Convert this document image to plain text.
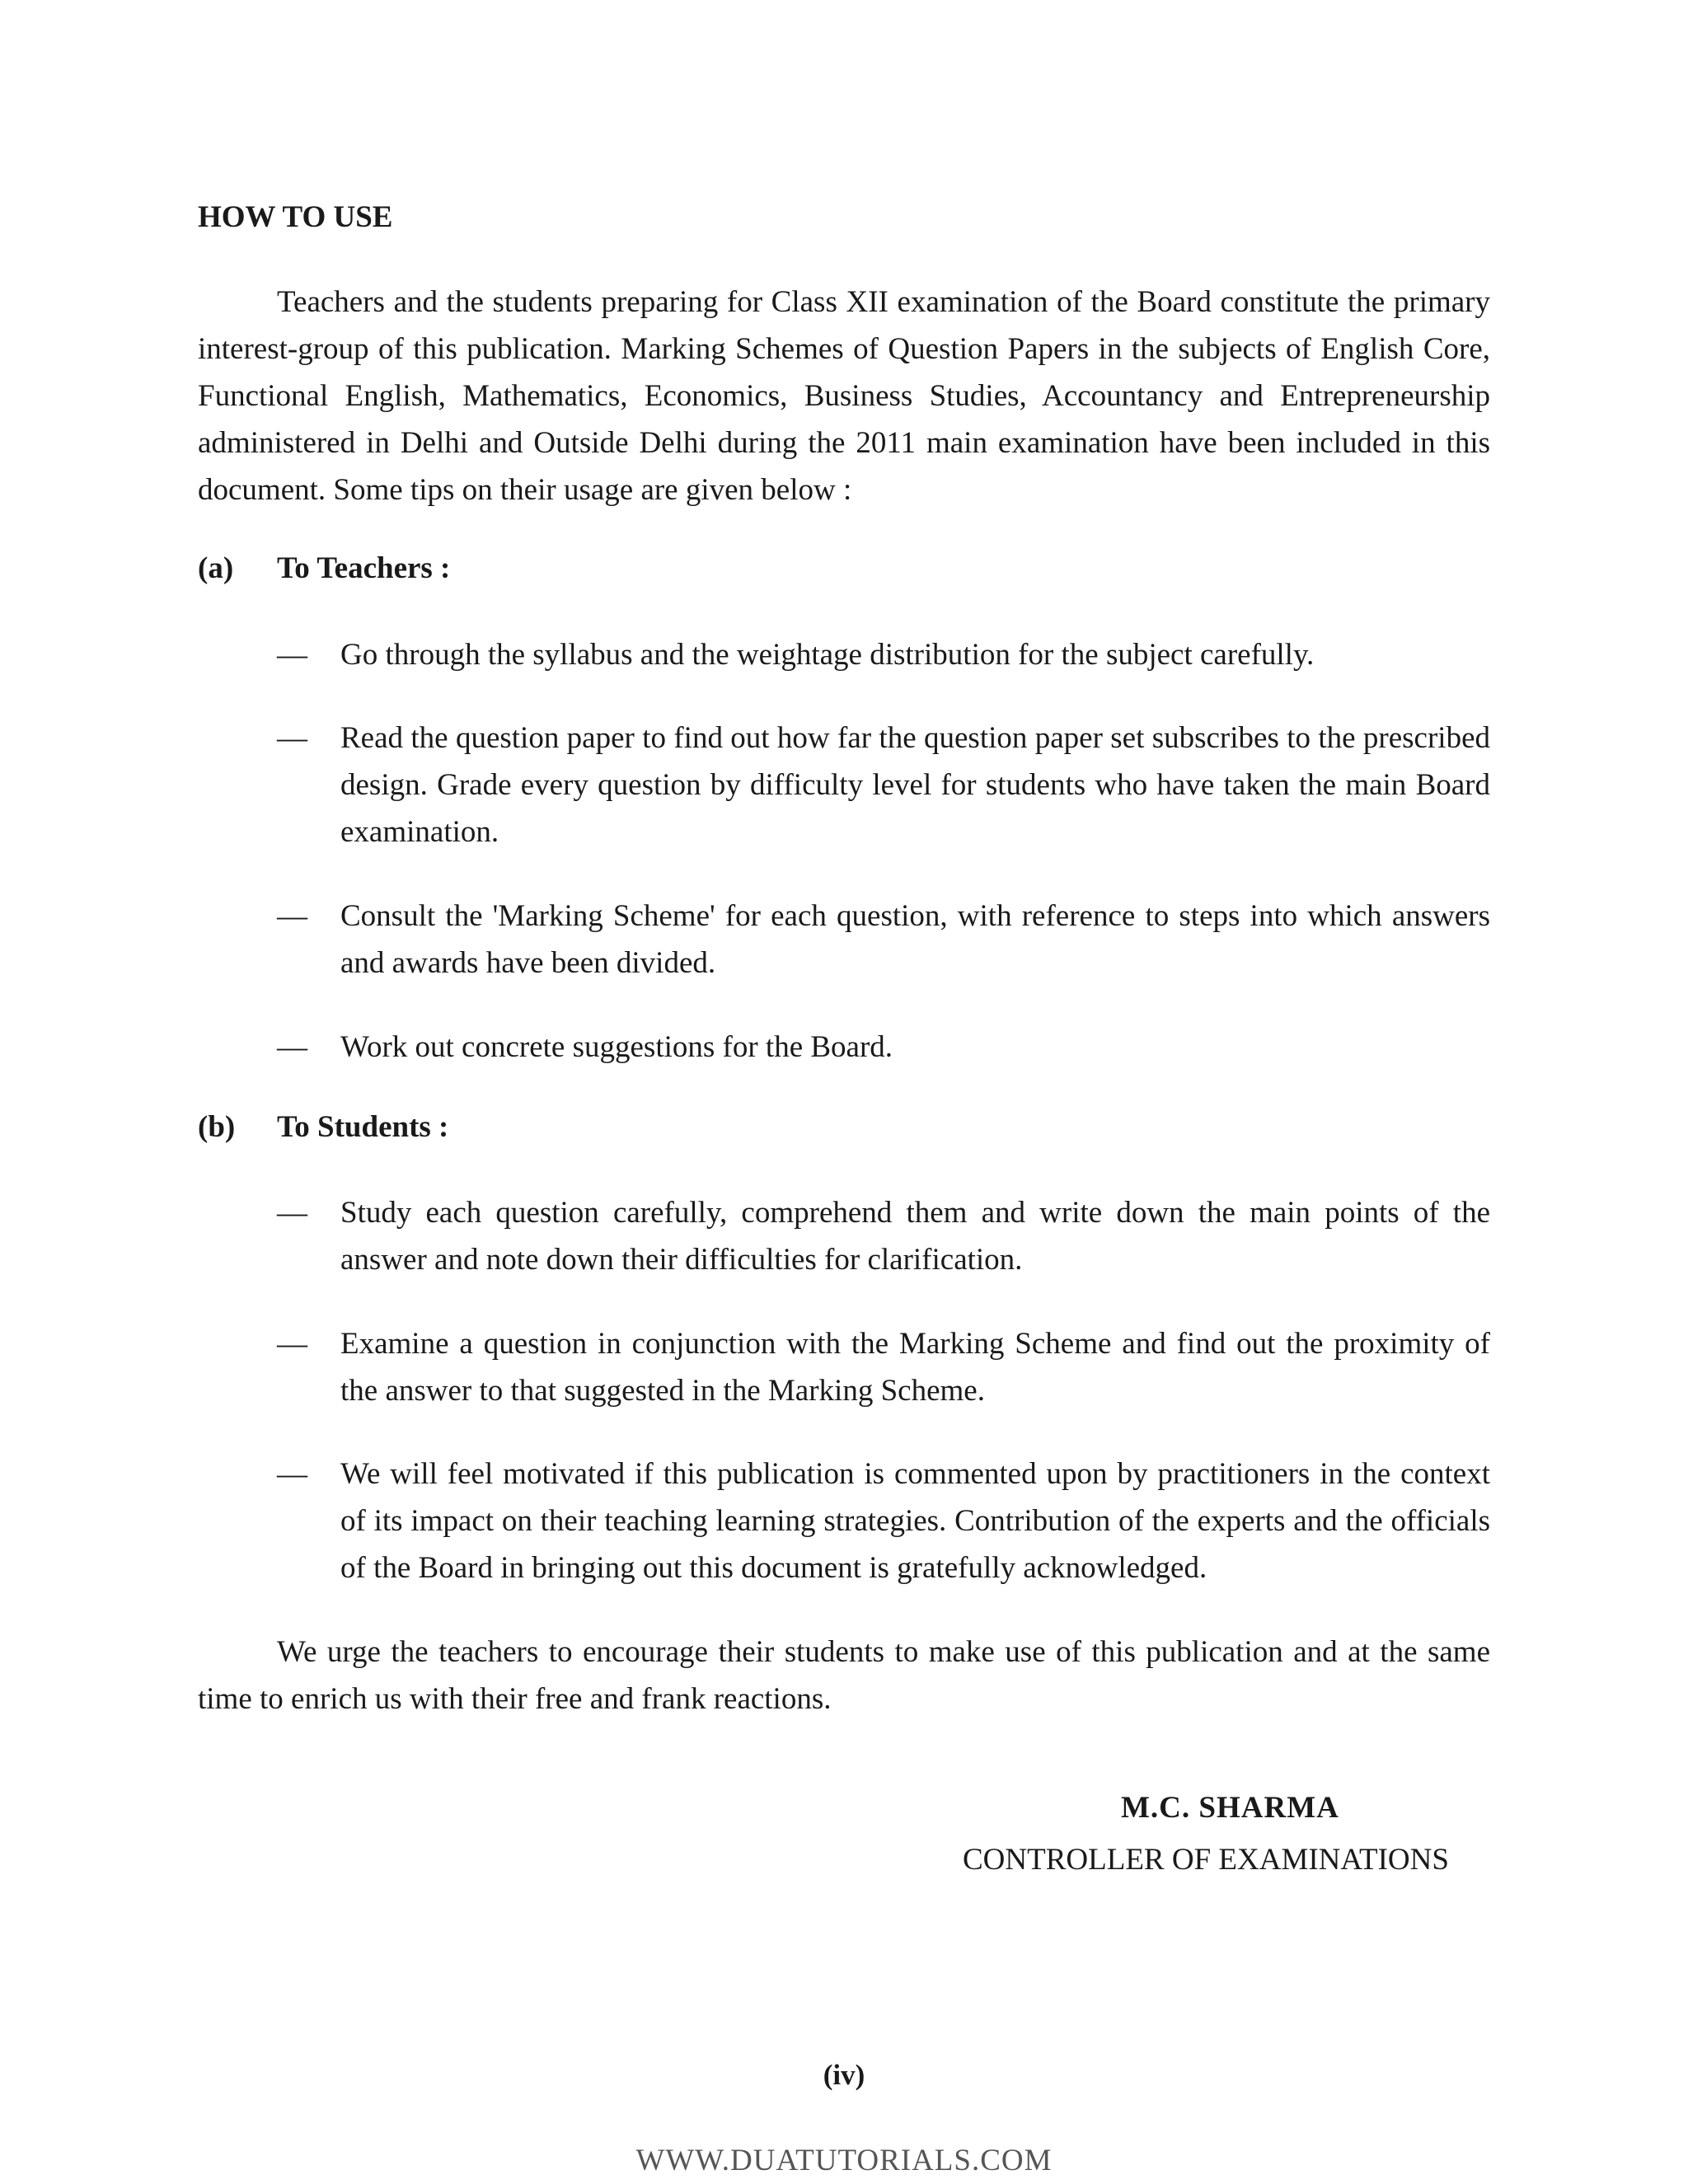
HOW TO USE

Teachers and the students preparing for Class XII examination of the Board constitute the primary interest-group of this publication. Marking Schemes of Question Papers in the subjects of English Core, Functional English, Mathematics, Economics, Business Studies, Accountancy and Entrepreneurship administered in Delhi and Outside Delhi during the 2011 main examination have been included in this document. Some tips on their usage are given below :

(a)	To Teachers :

— Go through the syllabus and the weightage distribution for the subject carefully.
— Read the question paper to find out how far the question paper set subscribes to the prescribed design. Grade every question by difficulty level for students who have taken the main Board examination.
— Consult the 'Marking Scheme' for each question, with reference to steps into which answers and awards have been divided.
— Work out concrete suggestions for the Board.

(b)	To Students :

— Study each question carefully, comprehend them and write down the main points of the answer and note down their difficulties for clarification.
— Examine a question in conjunction with the Marking Scheme and find out the proximity of the answer to that suggested in the Marking Scheme.
— We will feel motivated if this publication is commented upon by practitioners in the context of its impact on their teaching learning strategies. Contribution of the experts and the officials of the Board in bringing out this document is gratefully acknowledged.

We urge the teachers to encourage their students to make use of this publication and at the same time to enrich us with their free and frank reactions.

M.C. SHARMA

CONTROLLER OF EXAMINATIONS

(iv)

WWW.DUATUTORIALS.COM
